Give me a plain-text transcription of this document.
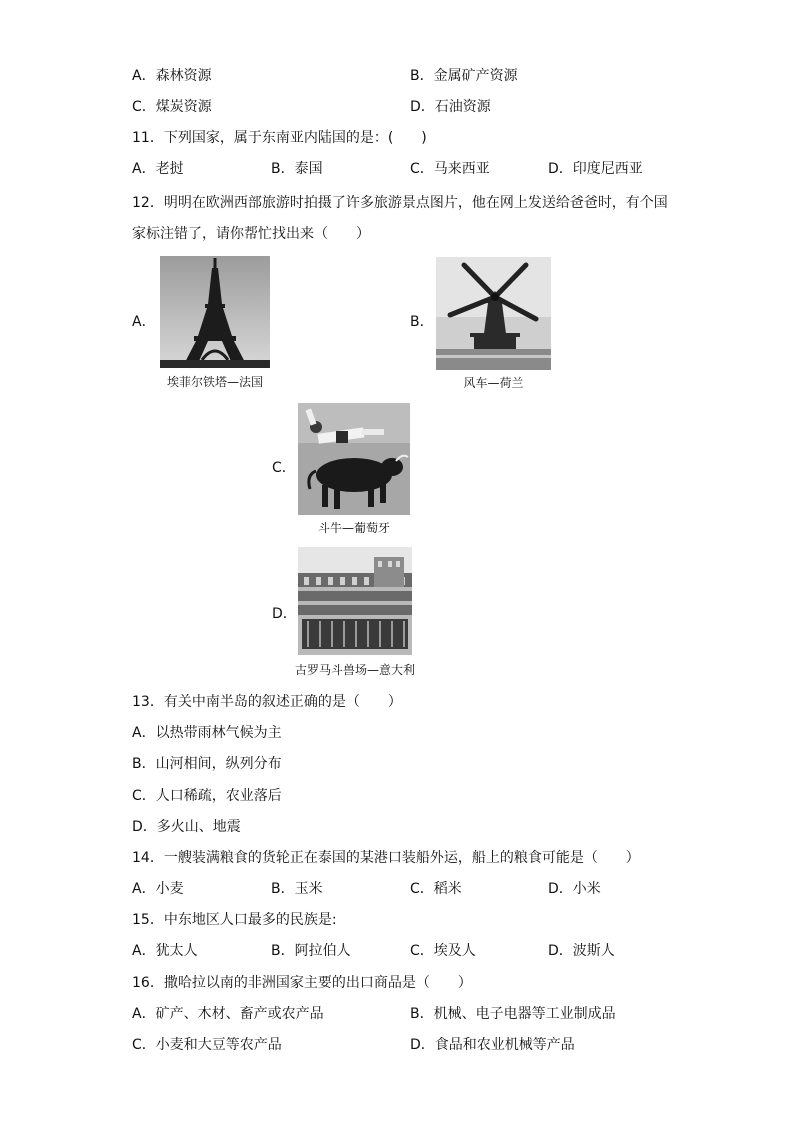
A．森林资源	B．金属矿产资源
C．煤炭资源	D．石油资源
11．下列国家，属于东南亚内陆国的是：(　　)
A．老挝	B．泰国	C．马来西亚	D．印度尼西亚
12．明明在欧洲西部旅游时拍摄了许多旅游景点图片，他在网上发送给爸爸时，有个国
家标注错了，请你帮忙找出来（　　）
A．
埃菲尔铁塔—法国
B．
风车—荷兰
C．
斗牛—葡萄牙
D．
古罗马斗兽场—意大利
13．有关中南半岛的叙述正确的是（　　）
A．以热带雨林气候为主
B．山河相间，纵列分布
C．人口稀疏，农业落后
D．多火山、地震
14．一艘装满粮食的货轮正在泰国的某港口装船外运，船上的粮食可能是（　　）
A．小麦	B．玉米	C．稻米	D．小米
15．中东地区人口最多的民族是:
A．犹太人	B．阿拉伯人	C．埃及人	D．波斯人
16．撒哈拉以南的非洲国家主要的出口商品是（　　）
A．矿产、木材、畜产或农产品	B．机械、电子电器等工业制成品
C．小麦和大豆等农产品	D．食品和农业机械等产品
